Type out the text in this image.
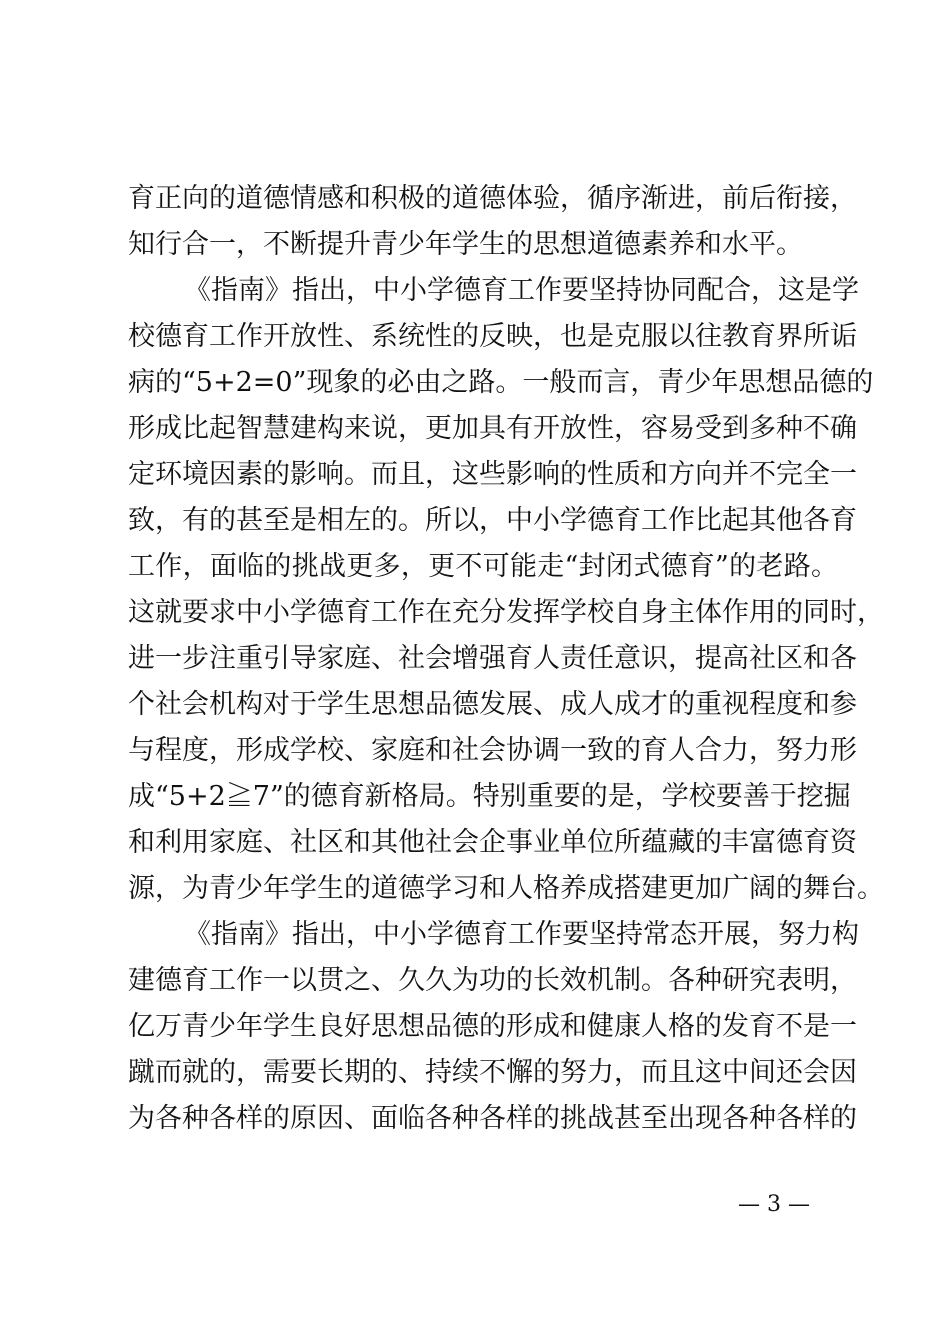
育正向的道德情感和积极的道德体验，循序渐进，前后衔接，
知行合一，不断提升青少年学生的思想道德素养和水平。
《指南》指出，中小学德育工作要坚持协同配合，这是学
校德育工作开放性、系统性的反映，也是克服以往教育界所诟
病的“5+2=0”现象的必由之路。一般而言，青少年思想品德的
形成比起智慧建构来说，更加具有开放性，容易受到多种不确
定环境因素的影响。而且，这些影响的性质和方向并不完全一
致，有的甚至是相左的。所以，中小学德育工作比起其他各育
工作，面临的挑战更多，更不可能走“封闭式德育”的老路。
这就要求中小学德育工作在充分发挥学校自身主体作用的同时，
进一步注重引导家庭、社会增强育人责任意识，提高社区和各
个社会机构对于学生思想品德发展、成人成才的重视程度和参
与程度，形成学校、家庭和社会协调一致的育人合力，努力形
成“5+2≧7”的德育新格局。特别重要的是，学校要善于挖掘
和利用家庭、社区和其他社会企事业单位所蕴藏的丰富德育资
源，为青少年学生的道德学习和人格养成搭建更加广阔的舞台。
《指南》指出，中小学德育工作要坚持常态开展，努力构
建德育工作一以贯之、久久为功的长效机制。各种研究表明，
亿万青少年学生良好思想品德的形成和健康人格的发育不是一
蹴而就的，需要长期的、持续不懈的努力，而且这中间还会因
为各种各样的原因、面临各种各样的挑战甚至出现各种各样的
— 3 —
